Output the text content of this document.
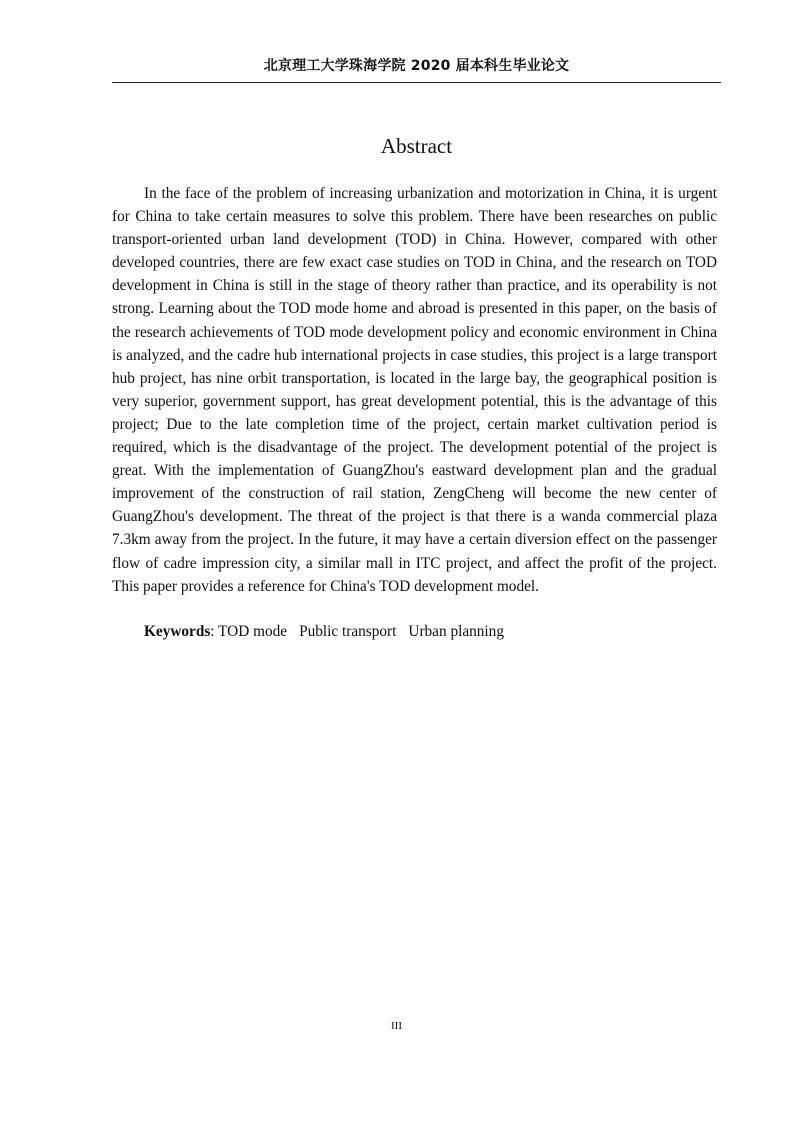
北京理工大学珠海学院 2020 届本科生毕业论文
Abstract

In the face of the problem of increasing urbanization and motorization in China, it is urgent for China to take certain measures to solve this problem. There have been researches on public transport-oriented urban land development (TOD) in China. However, compared with other developed countries, there are few exact case studies on TOD in China, and the research on TOD development in China is still in the stage of theory rather than practice, and its operability is not strong. Learning about the TOD mode home and abroad is presented in this paper, on the basis of the research achievements of TOD mode development policy and economic environment in China is analyzed, and the cadre hub international projects in case studies, this project is a large transport hub project, has nine orbit transportation, is located in the large bay, the geographical position is very superior, government support, has great development potential, this is the advantage of this project; Due to the late completion time of the project, certain market cultivation period is required, which is the disadvantage of the project. The development potential of the project is great. With the implementation of GuangZhou's eastward development plan and the gradual improvement of the construction of rail station, ZengCheng will become the new center of GuangZhou's development. The threat of the project is that there is a wanda commercial plaza 7.3km away from the project. In the future, it may have a certain diversion effect on the passenger flow of cadre impression city, a similar mall in ITC project, and affect the profit of the project. This paper provides a reference for China's TOD development model.

Keywords: TOD mode Public transport Urban planning
III
